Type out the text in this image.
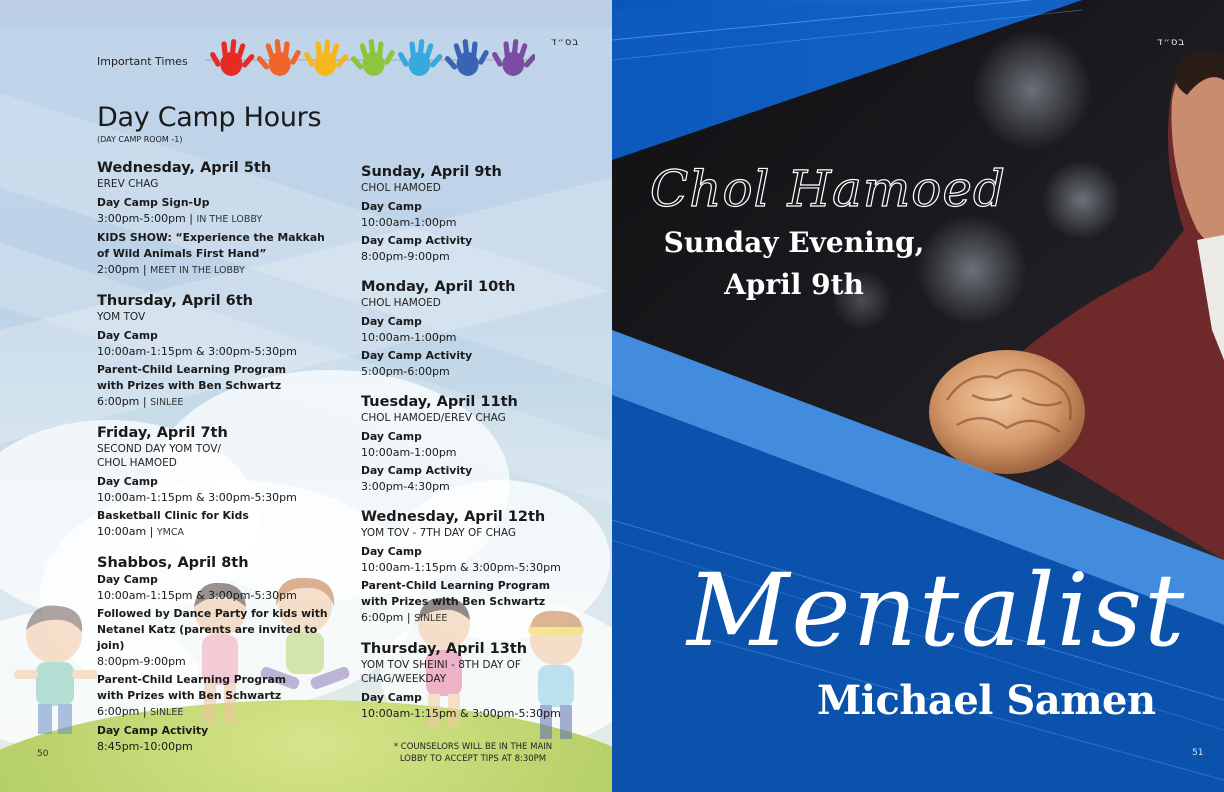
Important Times
בס״ד
Day Camp Hours
(DAY CAMP ROOM -1)
Wednesday, April 5th
EREV CHAG
Day Camp Sign-Up
3:00pm-5:00pm | IN THE LOBBY
KIDS SHOW: “Experience the Makkah
of Wild Animals First Hand”
2:00pm | MEET IN THE LOBBY
Thursday, April 6th
YOM TOV
Day Camp
10:00am-1:15pm & 3:00pm-5:30pm
Parent-Child Learning Program
with Prizes with Ben Schwartz
6:00pm | SINLEE
Friday, April 7th
SECOND DAY YOM TOV/
CHOL HAMOED
Day Camp
10:00am-1:15pm & 3:00pm-5:30pm
Basketball Clinic for Kids
10:00am | YMCA
Shabbos, April 8th
Day Camp
10:00am-1:15pm & 3:00pm-5:30pm
Followed by Dance Party for kids with
Netanel Katz (parents are invited to join)
8:00pm-9:00pm
Parent-Child Learning Program
with Prizes with Ben Schwartz
6:00pm | SINLEE
Day Camp Activity
8:45pm-10:00pm
Sunday, April 9th
CHOL HAMOED
Day Camp
10:00am-1:00pm
Day Camp Activity
8:00pm-9:00pm
Monday, April 10th
CHOL HAMOED
Day Camp
10:00am-1:00pm
Day Camp Activity
5:00pm-6:00pm
Tuesday, April 11th
CHOL HAMOED/EREV CHAG
Day Camp
10:00am-1:00pm
Day Camp Activity
3:00pm-4:30pm
Wednesday, April 12th
YOM TOV - 7TH DAY OF CHAG
Day Camp
10:00am-1:15pm & 3:00pm-5:30pm
Parent-Child Learning Program
with Prizes with Ben Schwartz
6:00pm | SINLEE
Thursday, April 13th
YOM TOV SHEINI - 8TH DAY OF
CHAG/WEEKDAY
Day Camp
10:00am-1:15pm & 3:00pm-5:30pm
* COUNSELORS WILL BE IN THE MAIN
LOBBY TO ACCEPT TIPS AT 8:30PM
50
בס״ד
Chol Hamoed
Sunday Evening,
April 9th
Mentalist
Michael Samen
51
